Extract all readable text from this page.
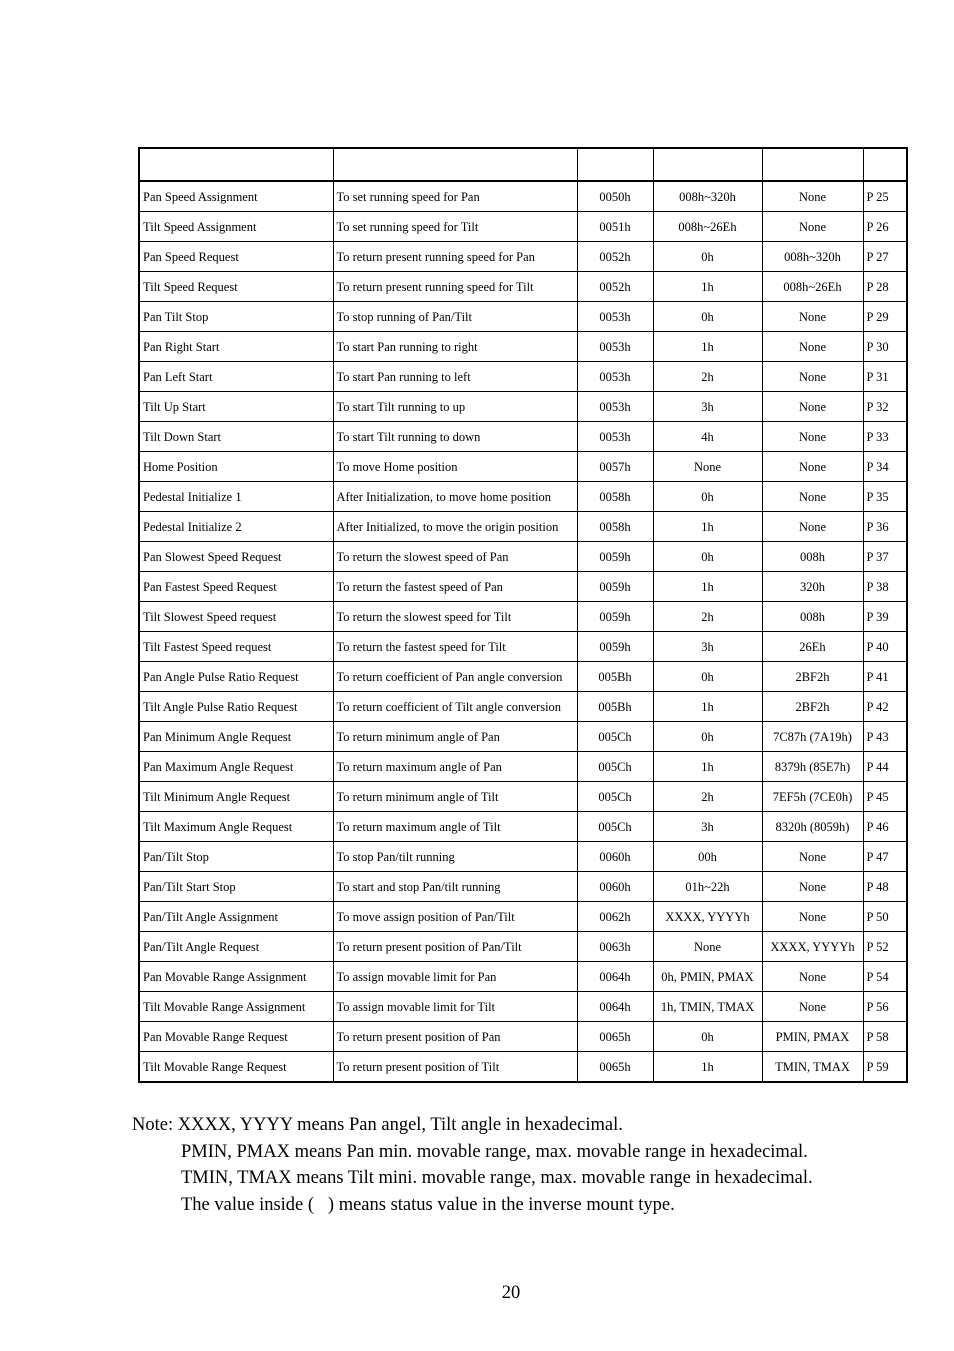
Pan Speed Assignment	To set running speed for Pan	0050h	008h~320h	None	P 25
Tilt Speed Assignment	To set running speed for Tilt	0051h	008h~26Eh	None	P 26
Pan Speed Request	To return present running speed for Pan	0052h	0h	008h~320h	P 27
Tilt Speed Request	To return present running speed for Tilt	0052h	1h	008h~26Eh	P 28
Pan Tilt Stop	To stop running of Pan/Tilt	0053h	0h	None	P 29
Pan Right Start	To start Pan running to right	0053h	1h	None	P 30
Pan Left Start	To start Pan running to left	0053h	2h	None	P 31
Tilt Up Start	To start Tilt running to up	0053h	3h	None	P 32
Tilt Down Start	To start Tilt running to down	0053h	4h	None	P 33
Home Position	To move Home position	0057h	None	None	P 34
Pedestal Initialize 1	After Initialization, to move home position	0058h	0h	None	P 35
Pedestal Initialize 2	After Initialized, to move the origin position	0058h	1h	None	P 36
Pan Slowest Speed Request	To return the slowest speed of Pan	0059h	0h	008h	P 37
Pan Fastest Speed Request	To return the fastest speed of Pan	0059h	1h	320h	P 38
Tilt Slowest Speed request	To return the slowest speed for Tilt	0059h	2h	008h	P 39
Tilt Fastest Speed request	To return the fastest speed for Tilt	0059h	3h	26Eh	P 40
Pan Angle Pulse Ratio Request	To return coefficient of Pan angle conversion	005Bh	0h	2BF2h	P 41
Tilt Angle Pulse Ratio Request	To return coefficient of Tilt angle conversion	005Bh	1h	2BF2h	P 42
Pan Minimum Angle Request	To return minimum angle of Pan	005Ch	0h	7C87h (7A19h)	P 43
Pan Maximum Angle Request	To return maximum angle of Pan	005Ch	1h	8379h (85E7h)	P 44
Tilt Minimum Angle Request	To return minimum angle of Tilt	005Ch	2h	7EF5h (7CE0h)	P 45
Tilt Maximum Angle Request	To return maximum angle of Tilt	005Ch	3h	8320h (8059h)	P 46
Pan/Tilt Stop	To stop Pan/tilt running	0060h	00h	None	P 47
Pan/Tilt Start Stop	To start and stop Pan/tilt running	0060h	01h~22h	None	P 48
Pan/Tilt Angle Assignment	To move assign position of Pan/Tilt	0062h	XXXX, YYYYh	None	P 50
Pan/Tilt Angle Request	To return present position of Pan/Tilt	0063h	None	XXXX, YYYYh	P 52
Pan Movable Range Assignment	To assign movable limit for Pan	0064h	0h, PMIN, PMAX	None	P 54
Tilt Movable Range Assignment	To assign movable limit for Tilt	0064h	1h, TMIN, TMAX	None	P 56
Pan Movable Range Request	To return present position of Pan	0065h	0h	PMIN, PMAX	P 58
Tilt Movable Range Request	To return present position of Tilt	0065h	1h	TMIN, TMAX	P 59
Note: XXXX, YYYY means Pan angel, Tilt angle in hexadecimal.
PMIN, PMAX means Pan min. movable range, max. movable range in hexadecimal.
TMIN, TMAX means Tilt mini. movable range, max. movable range in hexadecimal.
The value inside (   ) means status value in the inverse mount type.
20
